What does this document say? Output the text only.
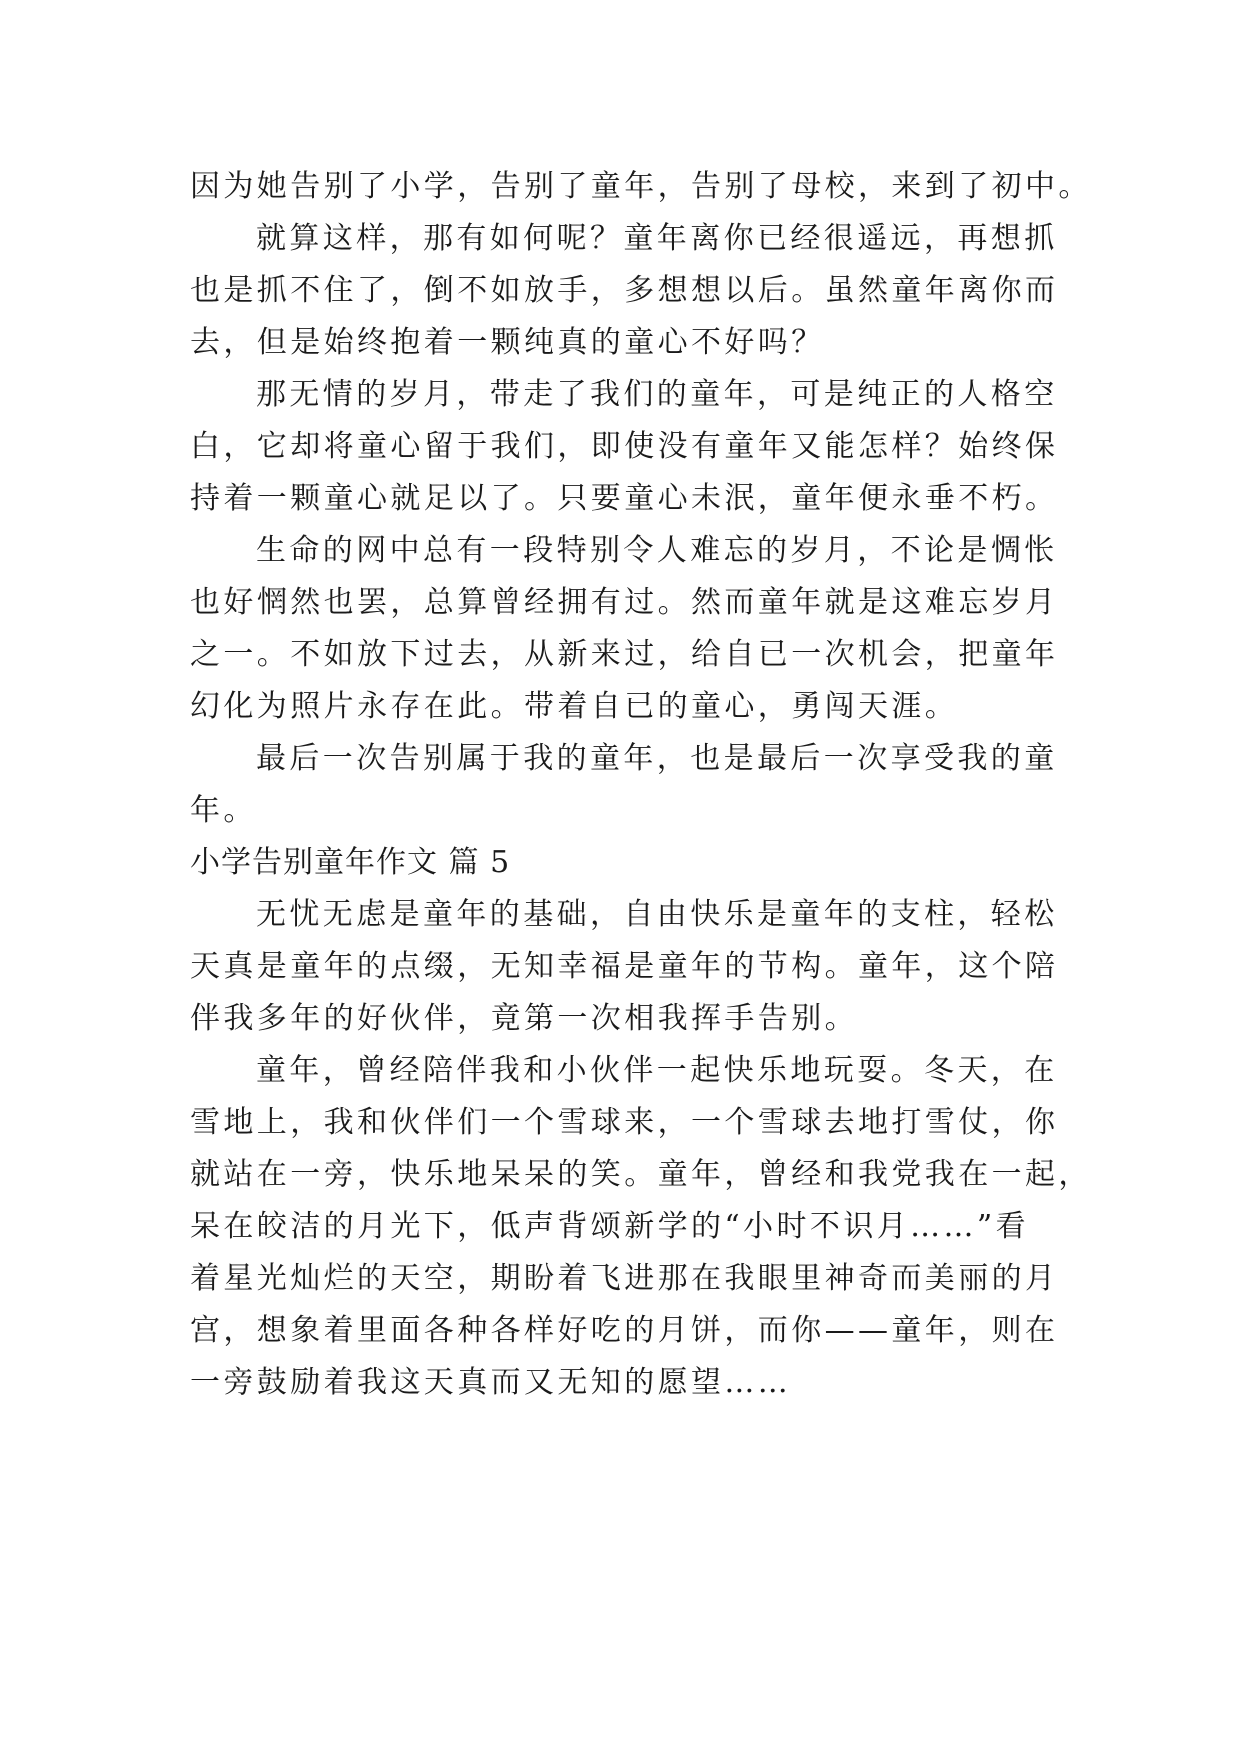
因为她告别了小学，告别了童年，告别了母校，来到了初中。
就算这样，那有如何呢？童年离你已经很遥远，再想抓
也是抓不住了，倒不如放手，多想想以后。虽然童年离你而
去，但是始终抱着一颗纯真的童心不好吗？
那无情的岁月，带走了我们的童年，可是纯正的人格空
白，它却将童心留于我们，即使没有童年又能怎样？始终保
持着一颗童心就足以了。只要童心未泯，童年便永垂不朽。
生命的网中总有一段特别令人难忘的岁月，不论是惆怅
也好惘然也罢，总算曾经拥有过。然而童年就是这难忘岁月
之一。不如放下过去，从新来过，给自已一次机会，把童年
幻化为照片永存在此。带着自已的童心，勇闯天涯。
最后一次告别属于我的童年，也是最后一次享受我的童
年。
小学告别童年作文 篇 5
无忧无虑是童年的基础，自由快乐是童年的支柱，轻松
天真是童年的点缀，无知幸福是童年的节构。童年，这个陪
伴我多年的好伙伴，竟第一次相我挥手告别。
童年，曾经陪伴我和小伙伴一起快乐地玩耍。冬天，在
雪地上，我和伙伴们一个雪球来，一个雪球去地打雪仗，你
就站在一旁，快乐地呆呆的笑。童年，曾经和我党我在一起，
呆在皎洁的月光下，低声背颂新学的“小时不识月……”看
着星光灿烂的天空，期盼着飞进那在我眼里神奇而美丽的月
宫，想象着里面各种各样好吃的月饼，而你——童年，则在
一旁鼓励着我这天真而又无知的愿望……
